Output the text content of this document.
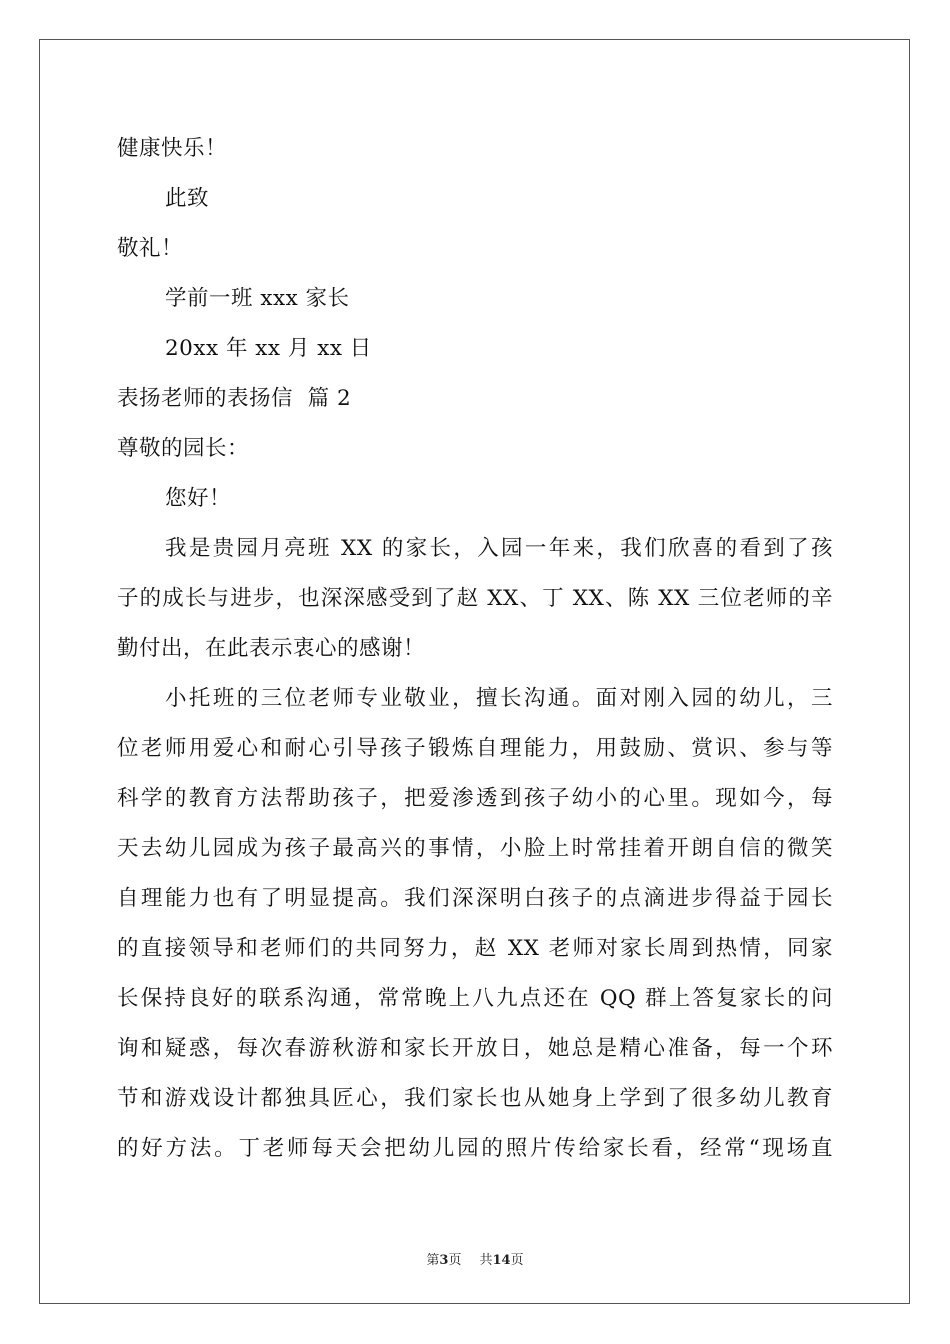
健康快乐！
此致
敬礼！
学前一班 xxx 家长
20xx 年 xx 月 xx 日
表扬老师的表扬信  篇 2
尊敬的园长：
您好！
我是贵园月亮班 XX 的家长，入园一年来，我们欣喜的看到了孩
子的成长与进步，也深深感受到了赵 XX、丁 XX、陈 XX 三位老师的辛
勤付出，在此表示衷心的感谢！
小托班的三位老师专业敬业，擅长沟通。面对刚入园的幼儿，三
位老师用爱心和耐心引导孩子锻炼自理能力，用鼓励、赏识、参与等
科学的教育方法帮助孩子，把爱渗透到孩子幼小的心里。现如今，每
天去幼儿园成为孩子最高兴的事情，小脸上时常挂着开朗自信的微笑
自理能力也有了明显提高。我们深深明白孩子的点滴进步得益于园长
的直接领导和老师们的共同努力，赵 XX 老师对家长周到热情，同家
长保持良好的联系沟通，常常晚上八九点还在 QQ 群上答复家长的问
询和疑惑，每次春游秋游和家长开放日，她总是精心准备，每一个环
节和游戏设计都独具匠心，我们家长也从她身上学到了很多幼儿教育
的好方法。丁老师每天会把幼儿园的照片传给家长看，经常“现场直
第3页 共14页
